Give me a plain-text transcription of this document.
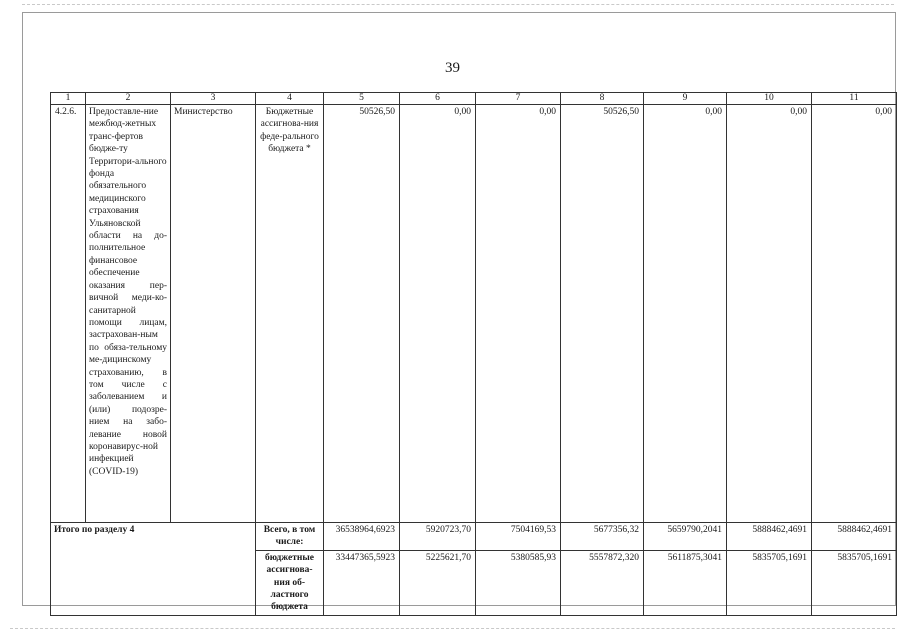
39
1	2	3	4	5	6	7	8	9	10	11
4.2.6.	Предоставле-ние межбюд-жетных транс-фертов бюдже-ту Территори-ального фонда обязательного медицинского страхования Ульяновской области на до-полнительное финансовое обеспечение оказания пер-вичной меди-ко-санитарной помощи лицам, застрахован-ным по обяза-тельному ме-дицинскому страхованию, в том числе с заболеванием и (или) подозре-нием на забо-левание новой коронавирус-ной инфекцией (COVID-19)	Министерство	Бюджетные ассигнова-ния феде-рального бюджета *	50526,50	0,00	0,00	50526,50	0,00	0,00	0,00
Итого по разделу 4			Всего, в том числе:	36538964,6923	5920723,70	7504169,53	5677356,32	5659790,2041	5888462,4691	5888462,4691
			бюджетные ассигнова-ния об-ластного бюджета	33447365,5923	5225621,70	5380585,93	5557872,320	5611875,3041	5835705,1691	5835705,1691
